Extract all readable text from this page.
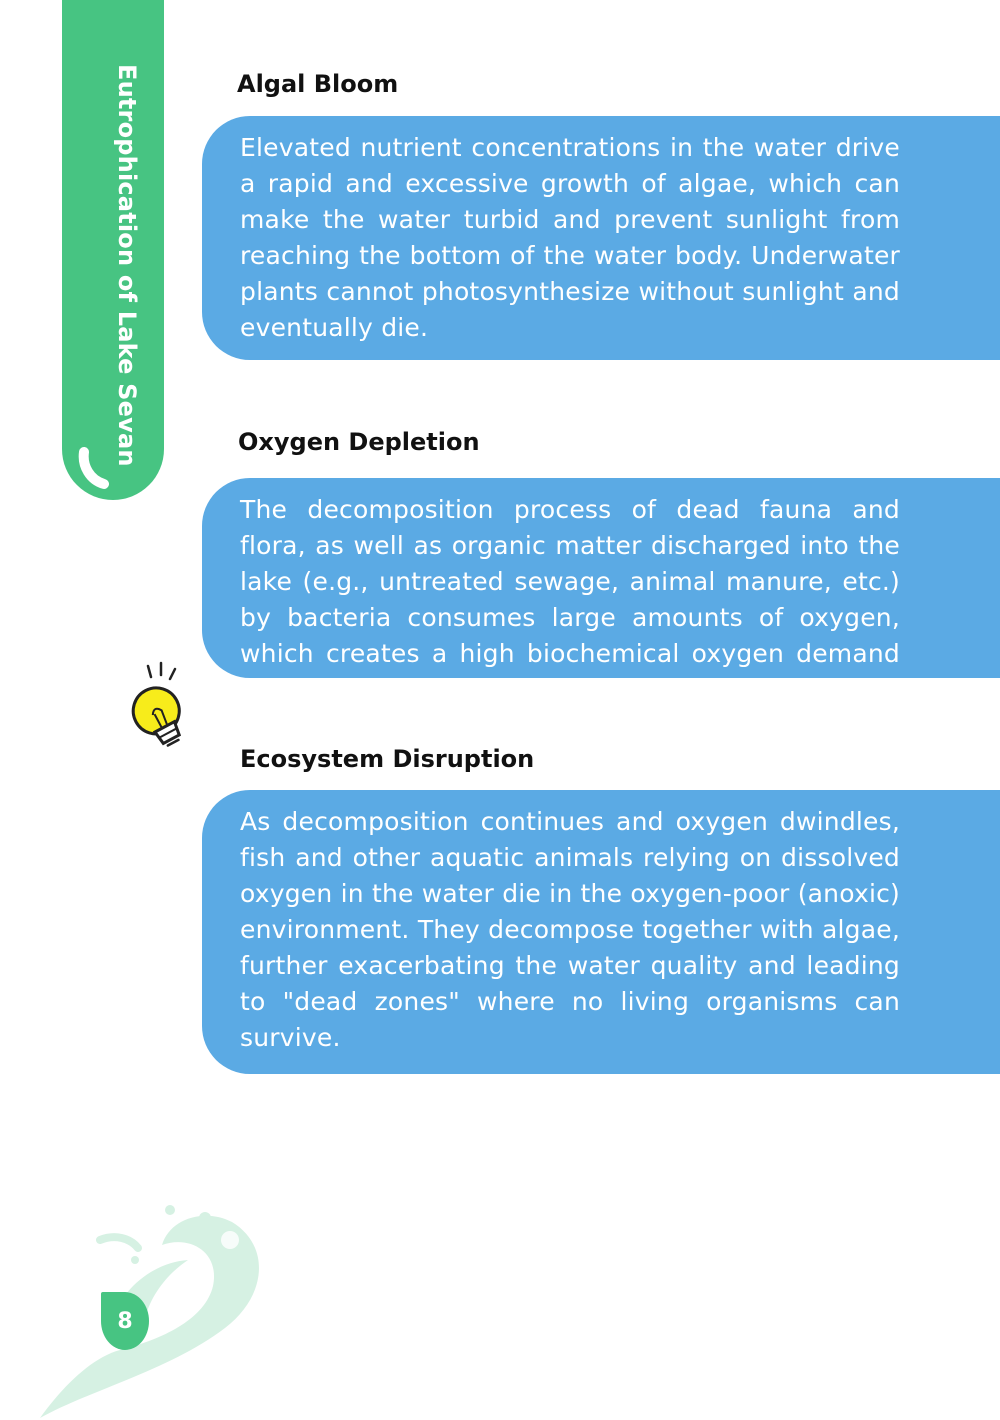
Eutrophication of Lake Sevan	Algal Bloom

Elevated nutrient concentrations in the water drive a rapid and excessive growth of algae, which can make the water turbid and prevent sunlight from reaching the bottom of the water body. Underwater plants cannot photosynthesize without sunlight and eventually die.

Oxygen Depletion

The decomposition process of dead fauna and flora, as well as organic matter discharged into the lake (e.g., untreated sewage, animal manure, etc.) by bacteria consumes large amounts of oxygen, which creates a high biochemical oxygen demand (BOD).

Ecosystem Disruption

As decomposition continues and oxygen dwindles, fish and other aquatic animals relying on dissolved oxygen in the water die in the oxygen-poor (anoxic) environment. They decompose together with algae, further exacerbating the water quality and leading to "dead zones" where no living organisms can survive.

8
